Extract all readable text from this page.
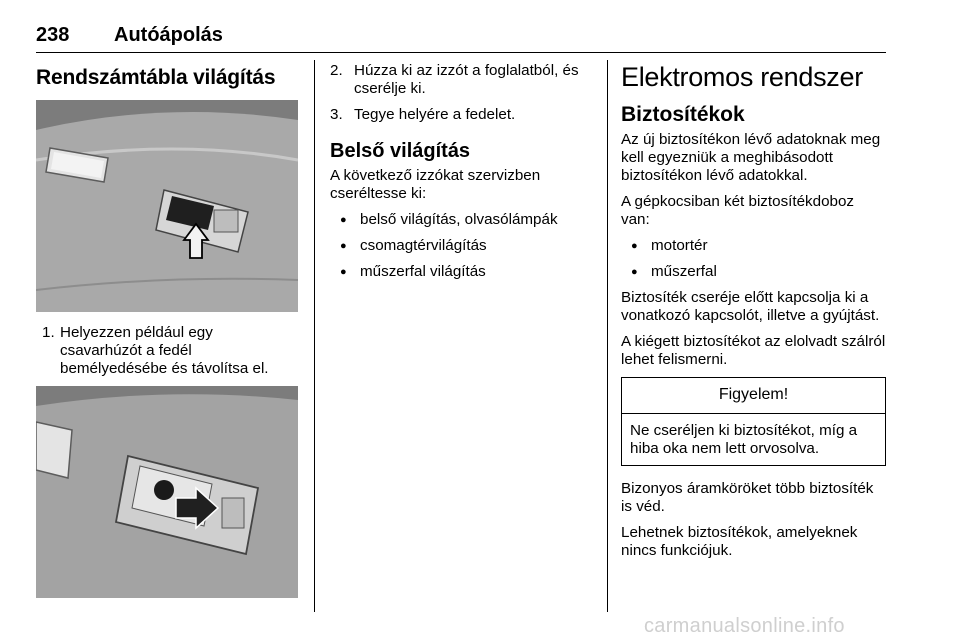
238 Autóápolás
Rendszámtábla világítás
1. Helyezzen például egy csavarhúzót a fedél bemélyedésébe és távolítsa el.
2. Húzza ki az izzót a foglalatból, és cserélje ki.
3. Tegye helyére a fedelet.
Belső világítás

A következő izzókat szervizben cseréltesse ki:

● belső világítás, olvasólámpák
● csomagtérvilágítás
● műszerfal világítás
Elektromos rendszer
Biztosítékok

Az új biztosítékon lévő adatoknak meg kell egyezniük a meghibásodott biztosítékon lévő adatokkal.

A gépkocsiban két biztosítékdoboz van:

● motortér
● műszerfal

Biztosíték cseréje előtt kapcsolja ki a vonatkozó kapcsolót, illetve a gyújtást.

A kiégett biztosítékot az elolvadt szálról lehet felismerni.

Figyelem!
Ne cseréljen ki biztosítékot, míg a hiba oka nem lett orvosolva.

Bizonyos áramköröket több biztosíték is véd.

Lehetnek biztosítékok, amelyeknek nincs funkciójuk.

carmanualsonline.info
